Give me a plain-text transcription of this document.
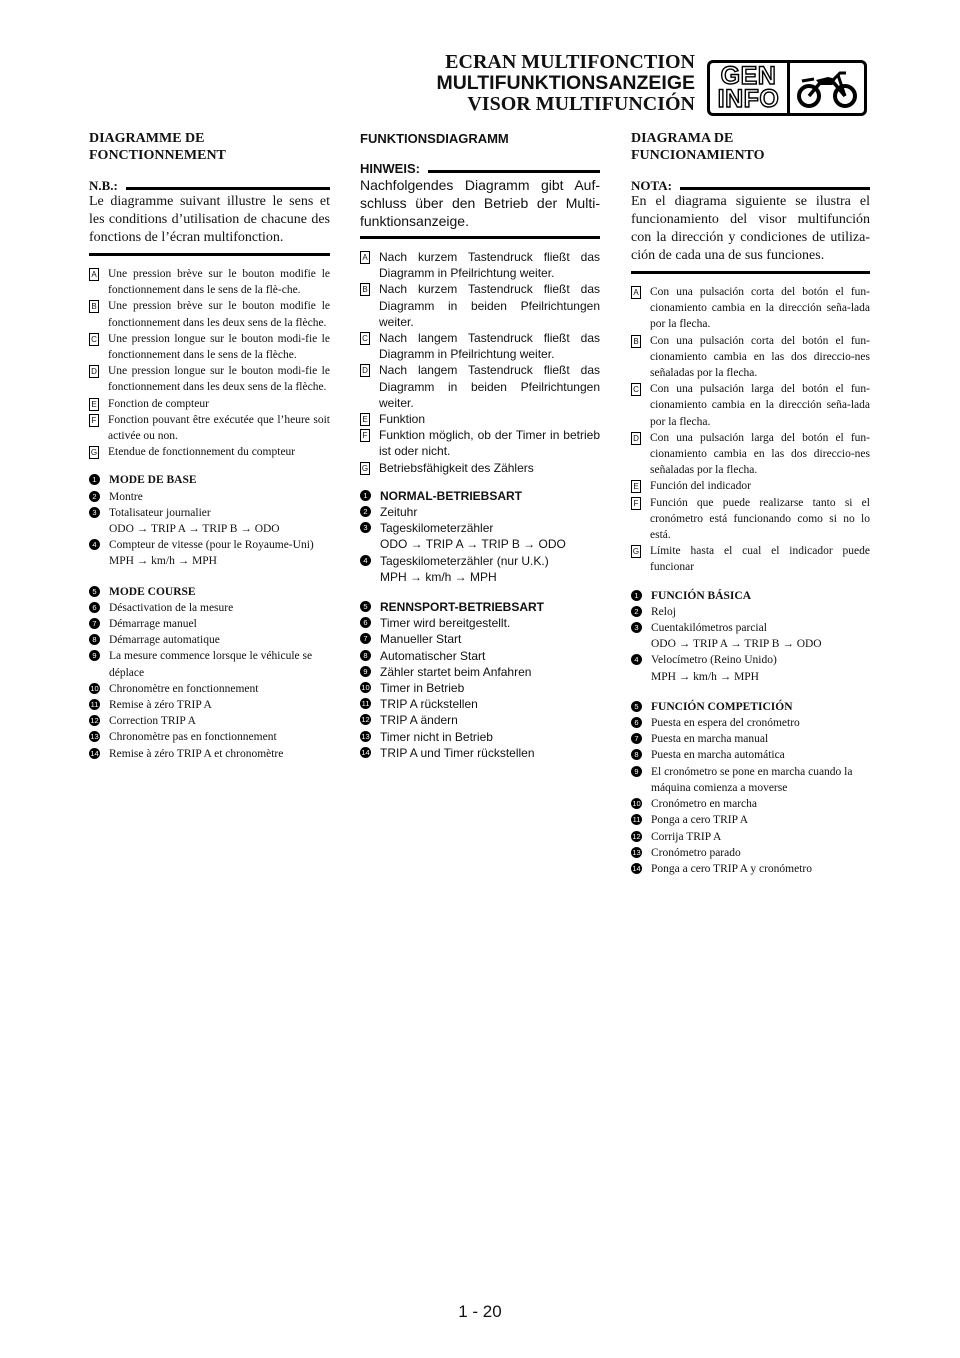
ECRAN MULTIFONCTION
MULTIFUNKTIONSANZEIGE
VISOR MULTIFUNCIÓN
GEN
INFO
DIAGRAMME DE FONCTIONNEMENT
N.B.:
Le diagramme suivant illustre le sens et les conditions d’utilisation de chacune des fonctions de l’écran multifonction.
A Une pression brève sur le bouton modifie le fonctionnement dans le sens de la flè-che.
B Une pression brève sur le bouton modifie le fonctionnement dans les deux sens de la flèche.
C Une pression longue sur le bouton modi-fie le fonctionnement dans le sens de la flèche.
D Une pression longue sur le bouton modi-fie le fonctionnement dans les deux sens de la flèche.
E Fonction de compteur
F Fonction pouvant être exécutée que l’heure soit activée ou non.
G Etendue de fonctionnement du compteur
1 MODE DE BASE
2 Montre
3 Totalisateur journalier
ODO → TRIP A → TRIP B → ODO
4 Compteur de vitesse (pour le Royaume-Uni)
MPH → km/h → MPH
5 MODE COURSE
6 Désactivation de la mesure
7 Démarrage manuel
8 Démarrage automatique
9 La mesure commence lorsque le véhicule se déplace
10 Chronomètre en fonctionnement
11 Remise à zéro TRIP A
12 Correction TRIP A
13 Chronomètre pas en fonctionnement
14 Remise à zéro TRIP A et chronomètre
FUNKTIONSDIAGRAMM
HINWEIS:
Nachfolgendes Diagramm gibt Auf-schluss über den Betrieb der Multi-funktionsanzeige.
A Nach kurzem Tastendruck fließt das Diagramm in Pfeilrichtung weiter.
B Nach kurzem Tastendruck fließt das Diagramm in beiden Pfeilrichtungen weiter.
C Nach langem Tastendruck fließt das Diagramm in Pfeilrichtung weiter.
D Nach langem Tastendruck fließt das Diagramm in beiden Pfeilrichtungen weiter.
E Funktion
F Funktion möglich, ob der Timer in betrieb ist oder nicht.
G Betriebsfähigkeit des Zählers
1 NORMAL-BETRIEBSART
2 Zeituhr
3 Tageskilometerzähler
ODO → TRIP A → TRIP B → ODO
4 Tageskilometerzähler (nur U.K.)
MPH → km/h → MPH
5 RENNSPORT-BETRIEBSART
6 Timer wird bereitgestellt.
7 Manueller Start
8 Automatischer Start
9 Zähler startet beim Anfahren
10 Timer in Betrieb
11 TRIP A rückstellen
12 TRIP A ändern
13 Timer nicht in Betrieb
14 TRIP A und Timer rückstellen
DIAGRAMA DE FUNCIONAMIENTO
NOTA:
En el diagrama siguiente se ilustra el funcionamiento del visor multifunción con la dirección y condiciones de utiliza-ción de cada una de sus funciones.
A Con una pulsación corta del botón el fun-cionamiento cambia en la dirección seña-lada por la flecha.
B Con una pulsación corta del botón el fun-cionamiento cambia en las dos direccio-nes señaladas por la flecha.
C Con una pulsación larga del botón el fun-cionamiento cambia en la dirección seña-lada por la flecha.
D Con una pulsación larga del botón el fun-cionamiento cambia en las dos direccio-nes señaladas por la flecha.
E Función del indicador
F Función que puede realizarse tanto si el cronómetro está funcionando como si no lo está.
G Límite hasta el cual el indicador puede funcionar
1 FUNCIÓN BÁSICA
2 Reloj
3 Cuentakilómetros parcial
ODO → TRIP A → TRIP B → ODO
4 Velocímetro (Reino Unido)
MPH → km/h → MPH
5 FUNCIÓN COMPETICIÓN
6 Puesta en espera del cronómetro
7 Puesta en marcha manual
8 Puesta en marcha automática
9 El cronómetro se pone en marcha cuando la máquina comienza a moverse
10 Cronómetro en marcha
11 Ponga a cero TRIP A
12 Corrija TRIP A
13 Cronómetro parado
14 Ponga a cero TRIP A y cronómetro
1 - 20
